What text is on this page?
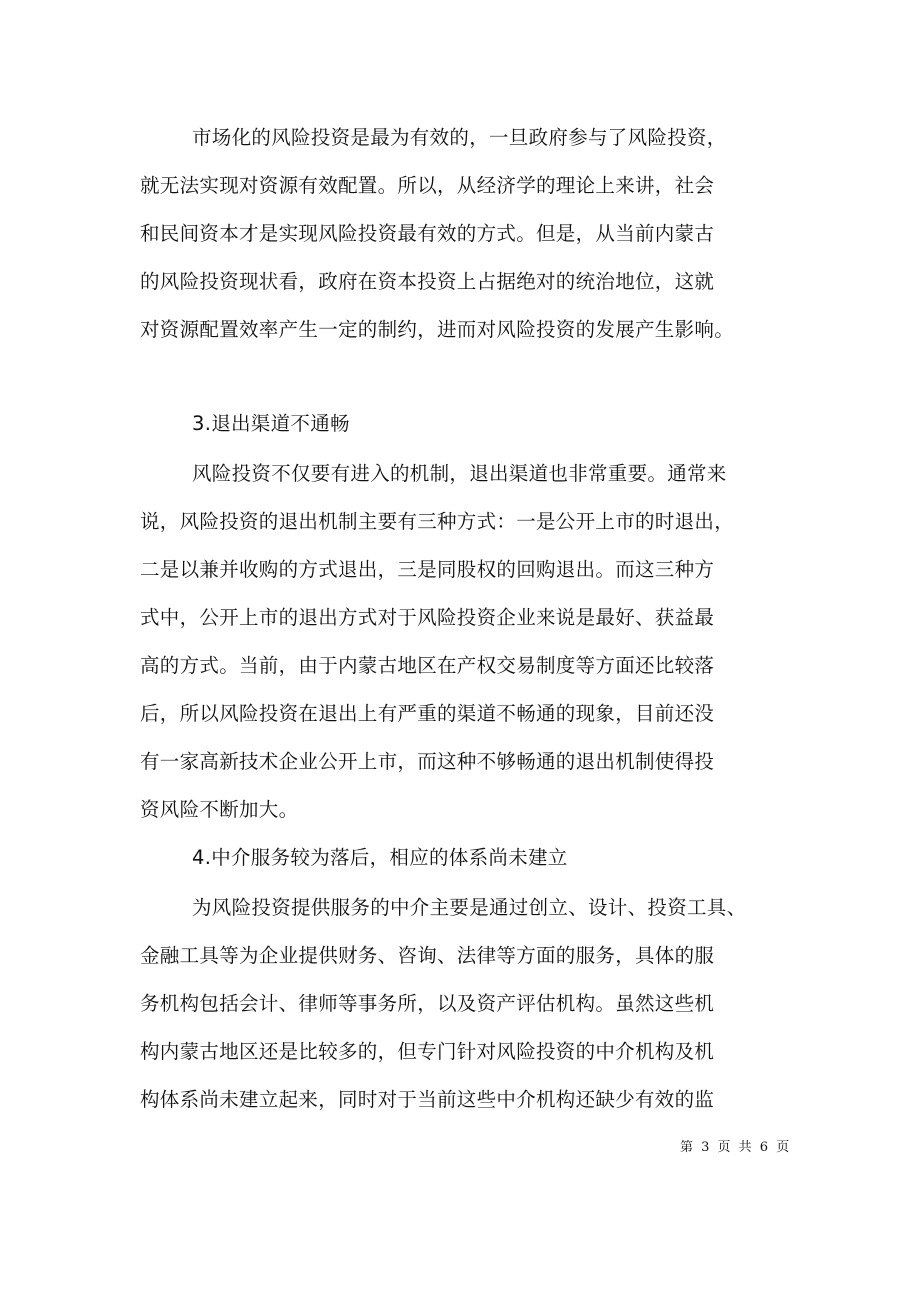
市场化的风险投资是最为有效的，一旦政府参与了风险投资，
就无法实现对资源有效配置。所以，从经济学的理论上来讲，社会
和民间资本才是实现风险投资最有效的方式。但是，从当前内蒙古
的风险投资现状看，政府在资本投资上占据绝对的统治地位，这就
对资源配置效率产生一定的制约，进而对风险投资的发展产生影响。
3.退出渠道不通畅
风险投资不仅要有进入的机制，退出渠道也非常重要。通常来
说，风险投资的退出机制主要有三种方式：一是公开上市的时退出，
二是以兼并收购的方式退出，三是同股权的回购退出。而这三种方
式中，公开上市的退出方式对于风险投资企业来说是最好、获益最
高的方式。当前，由于内蒙古地区在产权交易制度等方面还比较落
后，所以风险投资在退出上有严重的渠道不畅通的现象，目前还没
有一家高新技术企业公开上市，而这种不够畅通的退出机制使得投
资风险不断加大。
4.中介服务较为落后，相应的体系尚未建立
为风险投资提供服务的中介主要是通过创立、设计、投资工具、
金融工具等为企业提供财务、咨询、法律等方面的服务，具体的服
务机构包括会计、律师等事务所，以及资产评估机构。虽然这些机
构内蒙古地区还是比较多的，但专门针对风险投资的中介机构及机
构体系尚未建立起来，同时对于当前这些中介机构还缺少有效的监
第 3 页 共 6 页
